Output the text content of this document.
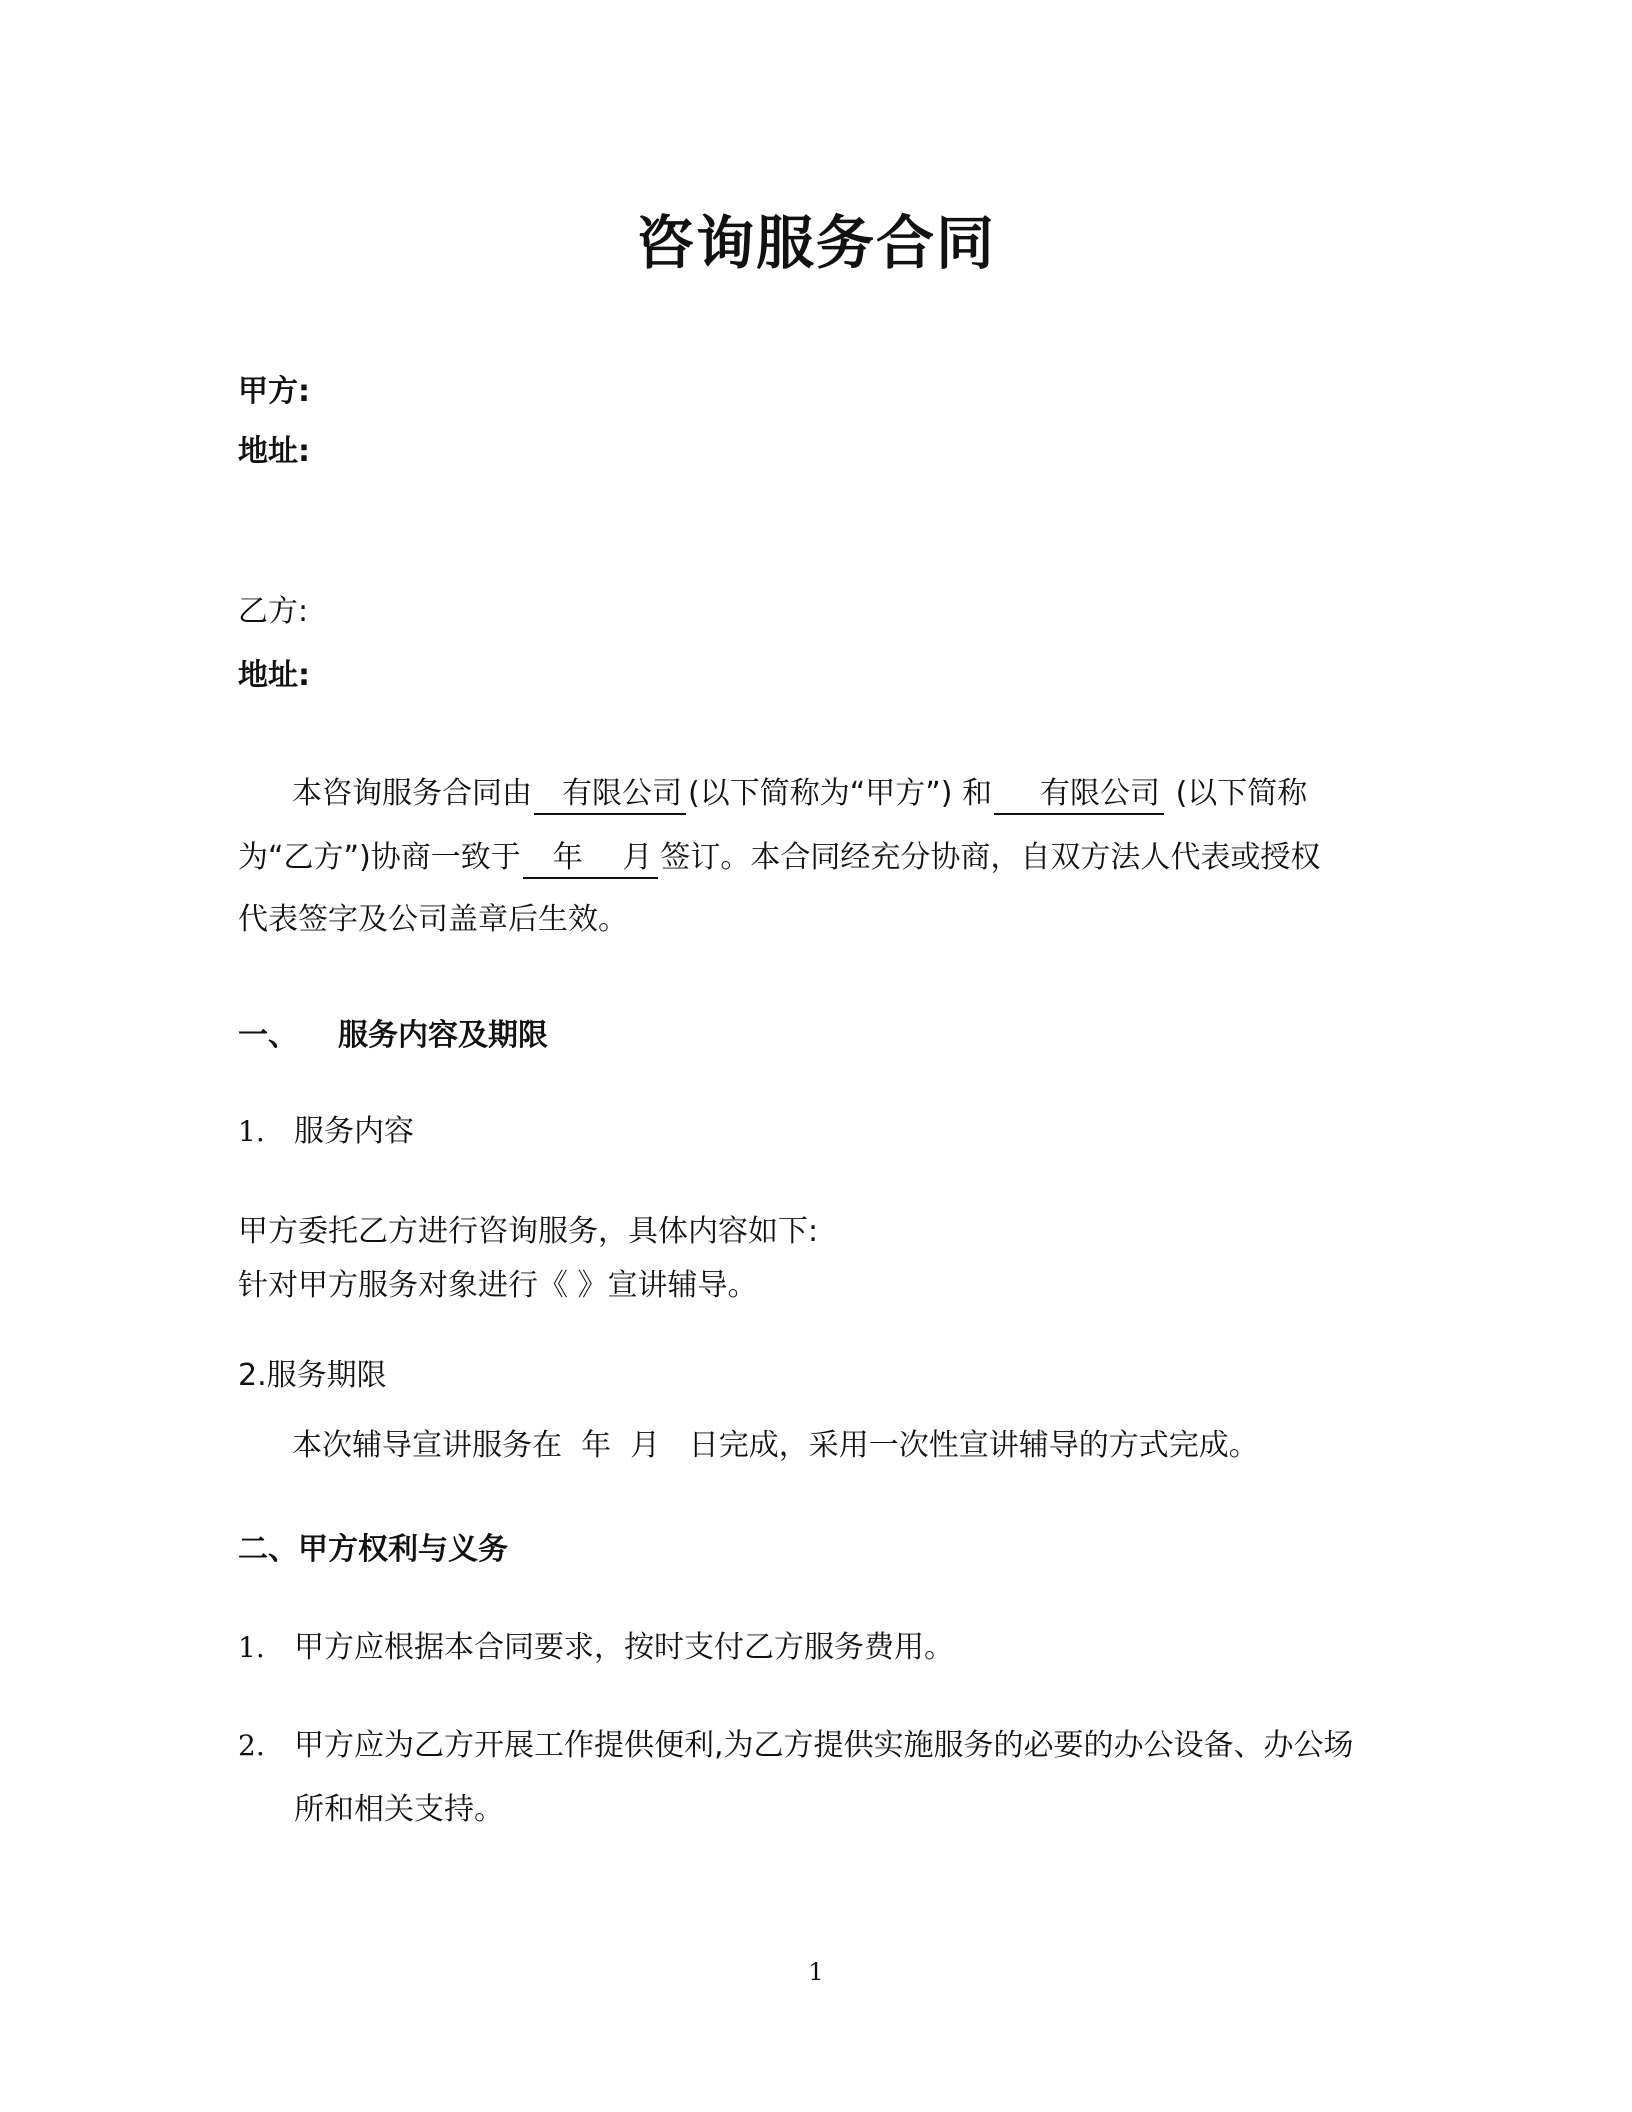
咨询服务合同
甲方:
地址:
乙方:
地址:
本咨询服务合同由 有限公司 (以下简称为“甲方”) 和 有限公司 (以下简称
为“乙方”)协商一致于 年 月 签订。本合同经充分协商，自双方法人代表或授权
代表签字及公司盖章后生效。
一、 服务内容及期限
1. 服务内容
甲方委托乙方进行咨询服务，具体内容如下:
针对甲方服务对象进行《 》宣讲辅导。
2.服务期限
本次辅导宣讲服务在  年  月   日完成，采用一次性宣讲辅导的方式完成。
二、甲方权利与义务
1. 甲方应根据本合同要求，按时支付乙方服务费用。
2. 甲方应为乙方开展工作提供便利,为乙方提供实施服务的必要的办公设备、办公场
所和相关支持。
1
